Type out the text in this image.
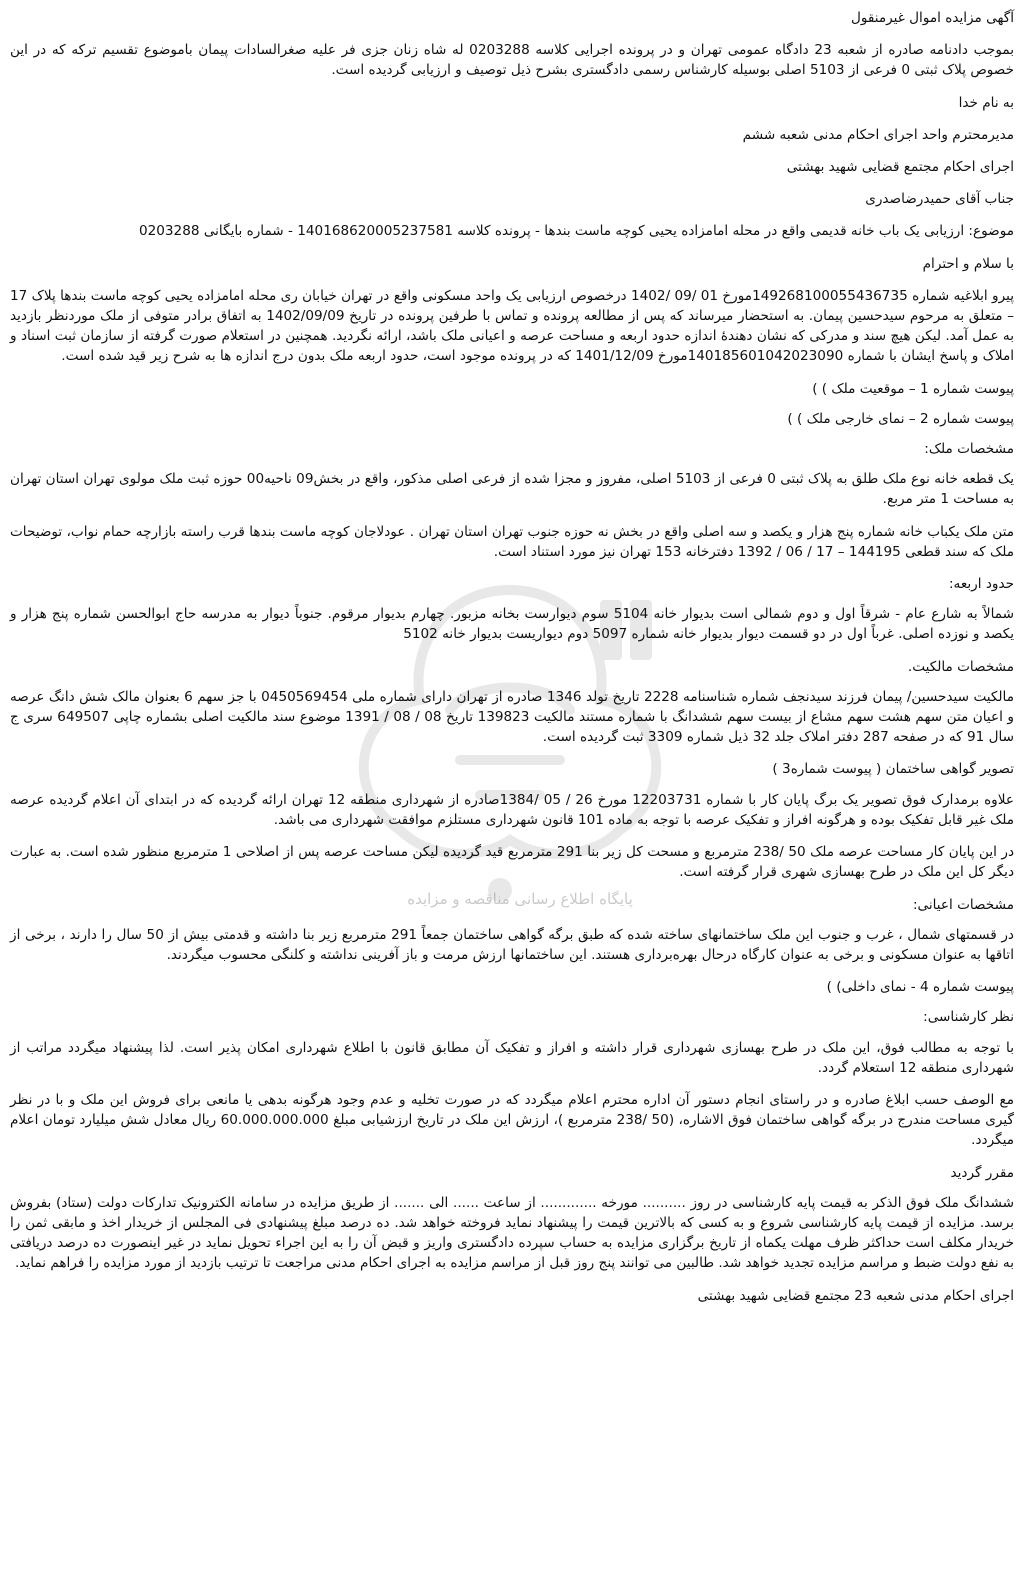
پایگاه اطلاع رسانی مناقصه و مزایده
آگهی مزایده اموال غیرمنقول
بموجب دادنامه صادره از شعبه 23 دادگاه عمومی تهران و در پرونده اجرایی کلاسه 0203288 له شاه زنان جزی فر علیه صغرالسادات پیمان باموضوع تقسیم ترکه که در این خصوص پلاک ثبتی 0 فرعی از 5103 اصلی بوسیله کارشناس رسمی دادگستری بشرح ذیل توصیف و ارزیابی گردیده است.
به نام خدا
مدیرمحترم واحد اجرای احکام مدنی شعبه ششم
اجرای احکام مجتمع قضایی شهید بهشتی
جناب آقای حمیدرضاصدری
موضوع: ارزیابی یک باب خانه قدیمی واقع در محله امامزاده یحیی کوچه ماست بندها - پرونده کلاسه 140168620005237581 - شماره بایگانی 0203288
با سلام و احترام
پیرو ابلاغیه شماره 149268100055436735مورخ 01 /09 /1402 درخصوص ارزیابی یک واحد مسکونی واقع در تهران خیابان ری محله امامزاده یحیی کوچه ماست بندها پلاک 17 – متعلق به مرحوم سیدحسین پیمان. به استحضار میرساند که پس از مطالعه پرونده و تماس با طرفین پرونده در تاریخ 1402/09/09 به اتفاق برادر متوفی از ملک موردنظر بازدید به عمل آمد. لیکن هیچ سند و مدرکی که نشان دهندهٔ اندازه حدود اربعه و مساحت عرصه و اعیانی ملک باشد، ارائه نگردید. همچنین در استعلام صورت گرفته از سازمان ثبت اسناد و املاک و پاسخ ایشان با شماره 140185601042023090مورخ 1401/12/09 که در پرونده موجود است، حدود اربعه ملک بدون درج اندازه ها به شرح زیر قید شده است.
پیوست شماره 1 – موقعیت ملک ) )
پیوست شماره 2 – نمای خارجی ملک ) )
مشخصات ملک:
یک قطعه خانه نوع ملک طلق به پلاک ثبتی 0 فرعی از 5103 اصلی، مفروز و مجزا شده از فرعی اصلی مذکور، واقع در بخش09 ناحیه00 حوزه ثبت ملک مولوی تهران استان تهران به مساحت 1 متر مربع.
متن ملک یکباب خانه شماره پنج هزار و یکصد و سه اصلی واقع در بخش نه حوزه جنوب تهران استان تهران . عودلاجان کوچه ماست بندها قرب راسته بازارچه حمام نواب، توضیحات ملک که سند قطعی 144195 – 17 / 06 / 1392 دفترخانه 153 تهران نیز مورد استناد است.
حدود اربعه:
شمالاً به شارع عام - شرقاً اول و دوم شمالی است بدیوار خانه 5104 سوم دیوارست بخانه مزبور. چهارم بدیوار مرقوم. جنوباً دیوار به مدرسه حاج ابوالحسن شماره پنج هزار و یکصد و نوزده اصلی. غرباً اول در دو قسمت دیوار بدیوار خانه شماره 5097 دوم دیواریست بدیوار خانه 5102
مشخصات مالکیت.
مالکیت سیدحسین/ پیمان فرزند سیدنجف شماره شناسنامه 2228 تاریخ تولد 1346 صادره از تهران دارای شماره ملی 0450569454 با جز سهم 6 بعنوان مالک شش دانگ عرصه و اعیان متن سهم هشت سهم مشاع از بیست سهم ششدانگ با شماره مستند مالکیت 139823 تاریخ 08 / 08 / 1391 موضوع سند مالکیت اصلی بشماره چاپی 649507 سری ج سال 91 که در صفحه 287 دفتر املاک جلد 32 ذیل شماره 3309 ثبت گردیده است.
تصویر گواهی ساختمان ( پیوست شماره3 )
علاوه برمدارک فوق تصویر یک برگ پایان کار با شماره 12203731 مورخ 26 / 05 /1384صادره از شهرداری منطقه 12 تهران ارائه گردیده که در ابتدای آن اعلام گردیده عرصه ملک غیر قابل تفکیک بوده و هرگونه افراز و تفکیک عرصه با توجه به ماده 101 قانون شهرداری مستلزم موافقت شهرداری می باشد.
در این پایان کار مساحت عرصه ملک 50 /238 مترمربع و مسحت کل زیر بنا 291 مترمربع قید گردیده لیکن مساحت عرصه پس از اصلاحی 1 مترمربع منظور شده است. به عبارت دیگر کل این ملک در طرح بهسازی شهری قرار گرفته است.
مشخصات اعیانی:
در قسمتهای شمال ، غرب و جنوب این ملک ساختمانهای ساخته شده که طبق برگه گواهی ساختمان جمعاً 291 مترمربع زیر بنا داشته و قدمتی بیش از 50 سال را دارند ، برخی از اتاقها به عنوان مسکونی و برخی به عنوان کارگاه درحال بهره‌برداری هستند. این ساختمانها ارزش مرمت و باز آفرینی نداشته و کلنگی محسوب میگردند.
پیوست شماره 4 - نمای داخلی) )
نظر کارشناسی:
با توجه به مطالب فوق، این ملک در طرح بهسازی شهرداری قرار داشته و افراز و تفکیک آن مطابق قانون با اطلاع شهرداری امکان پذیر است. لذا پیشنهاد میگردد مراتب از شهرداری منطقه 12 استعلام گردد.
مع الوصف حسب ابلاغ صادره و در راستای انجام دستور آن اداره محترم اعلام میگردد که در صورت تخلیه و عدم وجود هرگونه بدهی یا مانعی برای فروش این ملک و با در نظر گیری مساحت مندرج در برگه گواهی ساختمان فوق الاشاره، (50 /238 مترمربع )، ارزش این ملک در تاریخ ارزشیابی مبلغ 60.000.000.000 ریال معادل شش میلیارد تومان اعلام میگردد.
مقرر گردید
ششدانگ ملک فوق الذکر به قیمت پایه کارشناسی در روز .......... مورخه ............. از ساعت ...... الی ....... از طریق مزایده در سامانه الکترونیک تدارکات دولت (ستاد) بفروش برسد. مزایده از قیمت پایه کارشناسی شروع و به کسی که بالاترین قیمت را پیشنهاد نماید فروخته خواهد شد. ده درصد مبلغ پیشنهادی فی المجلس از خریدار اخذ و مابقی ثمن را خریدار مکلف است حداکثر ظرف مهلت یکماه از تاریخ برگزاری مزایده به حساب سپرده دادگستری واریز و قبض آن را به این اجراء تحویل نماید در غیر اینصورت ده درصد دریافتی به نفع دولت ضبط و مراسم مزایده تجدید خواهد شد. طالبین می توانند پنج روز قبل از مراسم مزایده به اجرای احکام مدنی مراجعت تا ترتیب بازدید از مورد مزایده را فراهم نماید.
اجرای احکام مدنی شعبه 23 مجتمع قضایی شهید بهشتی
